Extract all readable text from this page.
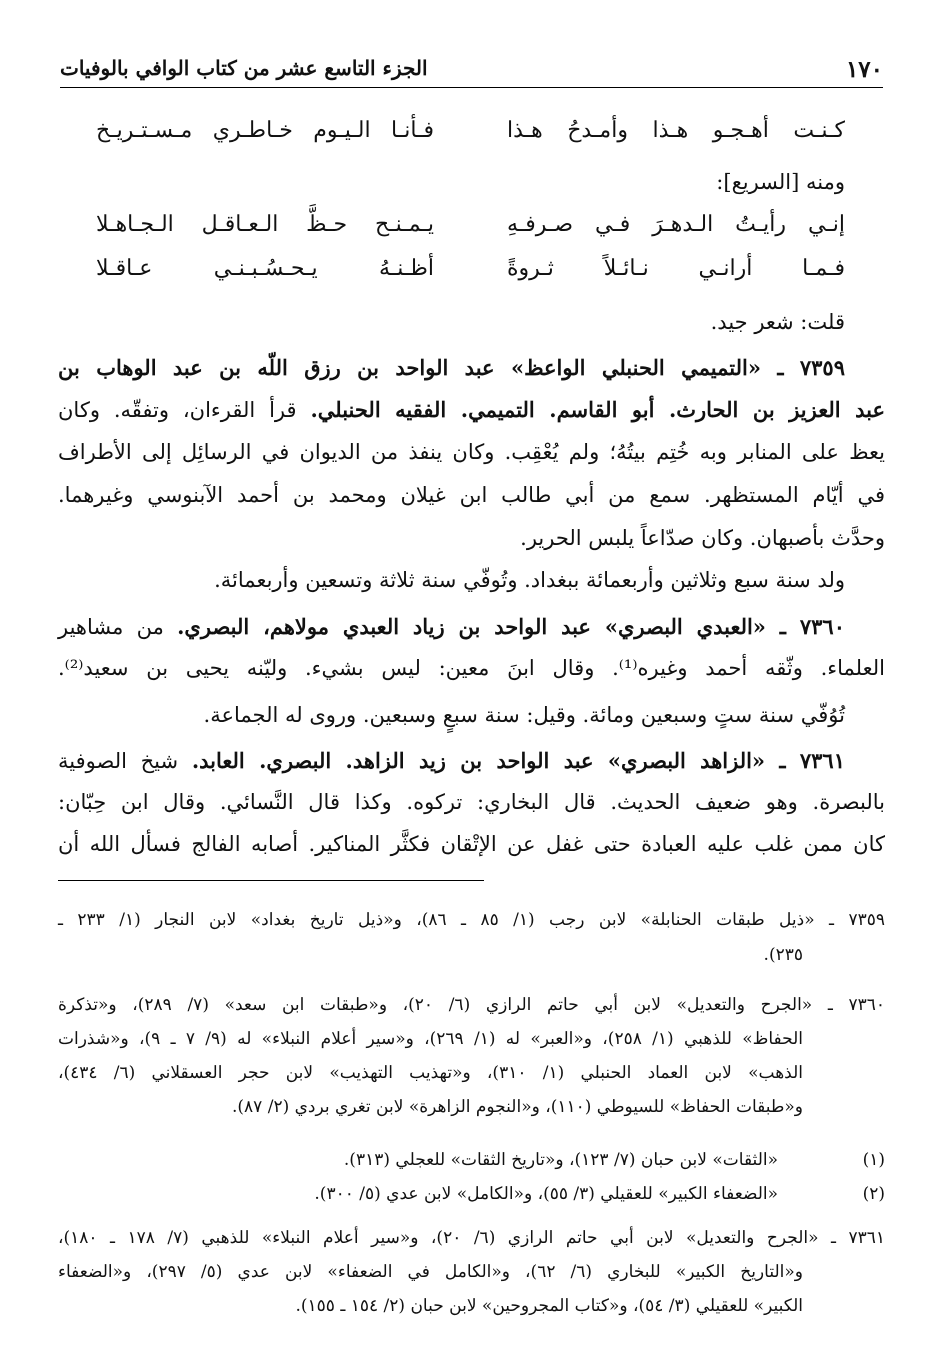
١٧٠
الجزء التاسع عشر من كتاب الوافي بالوفيات
كـنـت أهـجـو هـذا وأمـدحُ هـذا
فـأنـا الـيـوم خـاطـري مـسـتـريـخ
ومنه [السريع]:
إنـي رأيـتُ الـدهـرَ فـي صـرفـهِ
يـمـنـح حـظَّ الـعـاقـل الـجـاهـلا
فـمـا أرانـي نـائـلاً ثـروةً
أظـنـهُ يـحـسُـبـنـي عـاقـلا
قلت: شعر جيد.
٧٣٥٩ ـ «التميمي الحنبلي الواعظ» عبد الواحد بن رزق اللّه بن عبد الوهاب بن
عبد العزيز بن الحارث. أبو القاسم. التميمي. الفقيه الحنبلي. قرأ القرءان، وتفقّه. وكان
يعظ على المنابر وبه خُتِم بيتُهُ؛ ولم يُعْقِب. وكان ينفذ من الديوان في الرسائِل إلى الأطراف
في أيّام المستظهر. سمع من أبي طالب ابن غيلان ومحمد بن أحمد الآبنوسي وغيرهما.
وحدَّث بأصبهان. وكان صدّاعاً يلبس الحرير.
ولد سنة سبع وثلاثين وأربعمائة ببغداد. وتُوفّي سنة ثلاثة وتسعين وأربعمائة.
٧٣٦٠ ـ «العبدي البصري» عبد الواحد بن زياد العبدي مولاهم، البصري. من مشاهير
العلماء. وثّقه أحمد وغيره⁽¹⁾. وقال ابنَ معين: ليس بشيء. وليّنه يحيى بن سعيد⁽²⁾.
تُوُفّي سنة ستٍ وسبعين ومائة. وقيل: سنة سبعٍ وسبعين. وروى له الجماعة.
٧٣٦١ ـ «الزاهد البصري» عبد الواحد بن زيد الزاهد. البصري. العابد. شيخ الصوفية
بالبصرة. وهو ضعيف الحديث. قال البخاري: تركوه. وكذا قال النَّسائي. وقال ابن حِبّان:
كان ممن غلب عليه العبادة حتى غفل عن الإتْقان فكثَّر المناكير. أصابه الفالج فسأل الله أن
٧٣٥٩ ـ «ذيل طبقات الحنابلة» لابن رجب (١/ ٨٥ ـ ٨٦)، و«ذيل تاريخ بغداد» لابن النجار (١/ ٢٣٣ ـ
٢٣٥).
٧٣٦٠ ـ «الجرح والتعديل» لابن أبي حاتم الرازي (٦/ ٢٠)، و«طبقات ابن سعد» (٧/ ٢٨٩)، و«تذكرة
الحفاظ» للذهبي (١/ ٢٥٨)، و«العبر» له (١/ ٢٦٩)، و«سير أعلام النبلاء» له (٩/ ٧ ـ ٩)، و«شذرات
الذهب» لابن العماد الحنبلي (١/ ٣١٠)، و«تهذيب التهذيب» لابن حجر العسقلاني (٦/ ٤٣٤)،
و«طبقات الحفاظ» للسيوطي (١١٠)، و«النجوم الزاهرة» لابن تغري بردي (٢/ ٨٧).
(١)
«الثقات» لابن حبان (٧/ ١٢٣)، و«تاريخ الثقات» للعجلي (٣١٣).
(٢)
«الضعفاء الكبير» للعقيلي (٣/ ٥٥)، و«الكامل» لابن عدي (٥/ ٣٠٠).
٧٣٦١ ـ «الجرح والتعديل» لابن أبي حاتم الرازي (٦/ ٢٠)، و«سير أعلام النبلاء» للذهبي (٧/ ١٧٨ ـ ١٨٠)،
و«التاريخ الكبير» للبخاري (٦/ ٦٢)، و«الكامل في الضعفاء» لابن عدي (٥/ ٢٩٧)، و«الضعفاء
الكبير» للعقيلي (٣/ ٥٤)، و«كتاب المجروحين» لابن حبان (٢/ ١٥٤ ـ ١٥٥).
